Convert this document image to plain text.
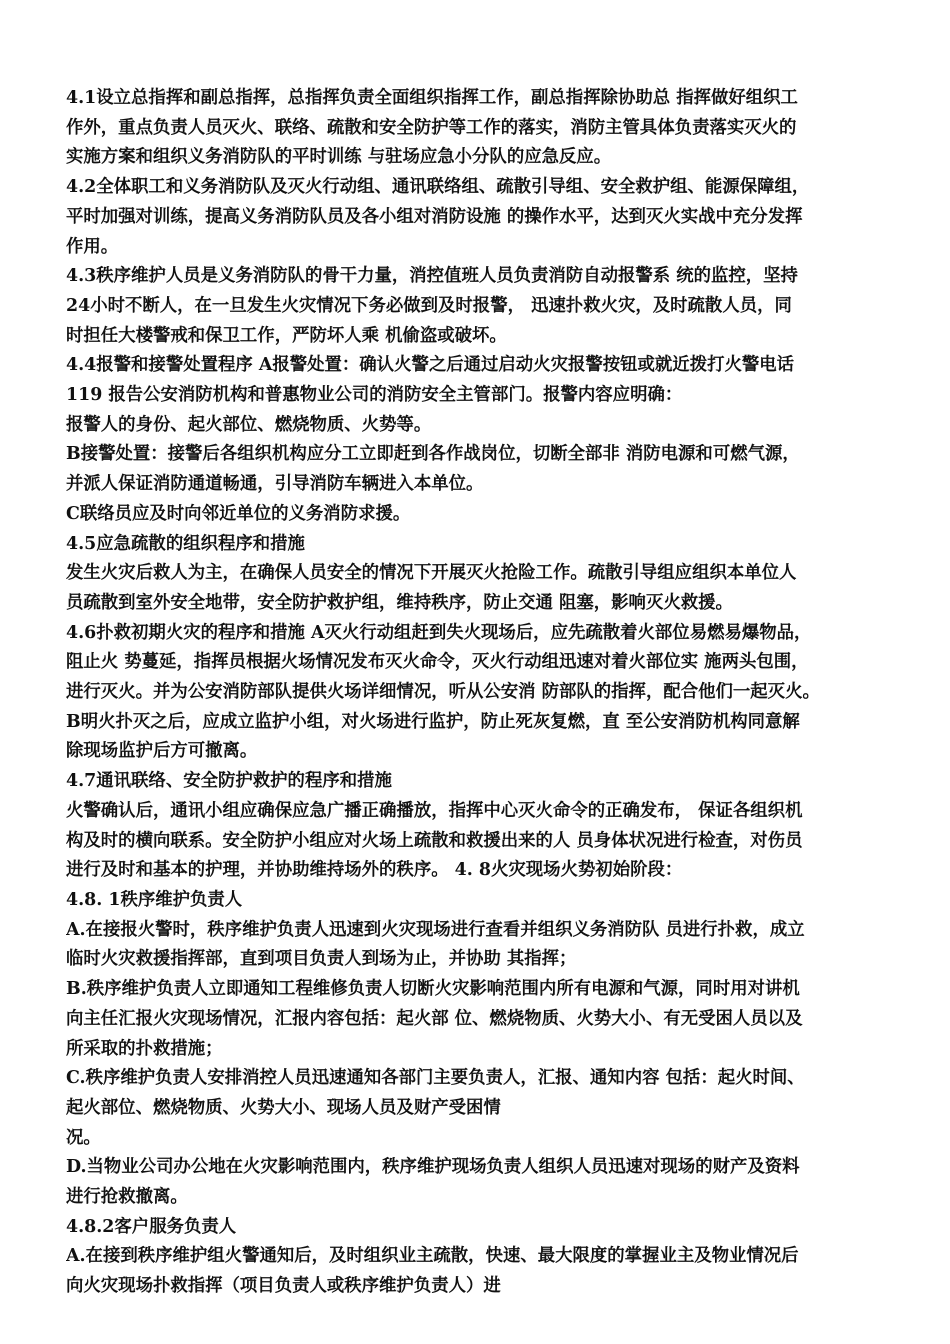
4.1设立总指挥和副总指挥，总指挥负责全面组织指挥工作，副总指挥除协助总 指挥做好组织工
作外，重点负责人员灭火、联络、疏散和安全防护等工作的落实，消防主管具体负责落实灭火的
实施方案和组织义务消防队的平时训练 与驻场应急小分队的应急反应。
4.2全体职工和义务消防队及灭火行动组、通讯联络组、疏散引导组、安全救护组、能源保障组，
平时加强对训练，提高义务消防队员及各小组对消防设施 的操作水平，达到灭火实战中充分发挥
作用。
4.3秩序维护人员是义务消防队的骨干力量，消控值班人员负责消防自动报警系 统的监控，坚持
24小时不断人，在一旦发生火灾情况下务必做到及时报警， 迅速扑救火灾，及时疏散人员，同
时担任大楼警戒和保卫工作，严防坏人乘 机偷盗或破坏。
4.4报警和接警处置程序 A报警处置：确认火警之后通过启动火灾报警按钮或就近拨打火警电话
119 报告公安消防机构和普惠物业公司的消防安全主管部门。报警内容应明确：
报警人的身份、起火部位、燃烧物质、火势等。
B接警处置：接警后各组织机构应分工立即赶到各作战岗位，切断全部非 消防电源和可燃气源，
并派人保证消防通道畅通，引导消防车辆进入本单位。
C联络员应及时向邻近单位的义务消防求援。
4.5应急疏散的组织程序和措施
发生火灾后救人为主，在确保人员安全的情况下开展灭火抢险工作。疏散引导组应组织本单位人
员疏散到室外安全地带，安全防护救护组，维持秩序，防止交通 阻塞，影响灭火救援。
4.6扑救初期火灾的程序和措施 A灭火行动组赶到失火现场后，应先疏散着火部位易燃易爆物品，
阻止火 势蔓延，指挥员根据火场情况发布灭火命令，灭火行动组迅速对着火部位实 施两头包围，
进行灭火。并为公安消防部队提供火场详细情况，听从公安消 防部队的指挥，配合他们一起灭火。
B明火扑灭之后，应成立监护小组，对火场进行监护，防止死灰复燃，直 至公安消防机构同意解
除现场监护后方可撤离。
4.7通讯联络、安全防护救护的程序和措施
火警确认后，通讯小组应确保应急广播正确播放，指挥中心灭火命令的正确发布， 保证各组织机
构及时的横向联系。安全防护小组应对火场上疏散和救援出来的人 员身体状况进行检查，对伤员
进行及时和基本的护理，并协助维持场外的秩序。 4. 8火灾现场火势初始阶段：
4.8. 1秩序维护负责人
A.在接报火警时，秩序维护负责人迅速到火灾现场进行查看并组织义务消防队 员进行扑救，成立
临时火灾救援指挥部，直到项目负责人到场为止，并协助 其指挥；
B.秩序维护负责人立即通知工程维修负责人切断火灾影响范围内所有电源和气源，同时用对讲机
向主任汇报火灾现场情况，汇报内容包括：起火部 位、燃烧物质、火势大小、有无受困人员以及
所采取的扑救措施；
C.秩序维护负责人安排消控人员迅速通知各部门主要负责人，汇报、通知内容 包括：起火时间、
起火部位、燃烧物质、火势大小、现场人员及财产受困情
况。
D.当物业公司办公地在火灾影响范围内，秩序维护现场负责人组织人员迅速对现场的财产及资料
进行抢救撤离。
4.8.2客户服务负责人
A.在接到秩序维护组火警通知后，及时组织业主疏散，快速、最大限度的掌握业主及物业情况后
向火灾现场扑救指挥（项目负责人或秩序维护负责人）进
